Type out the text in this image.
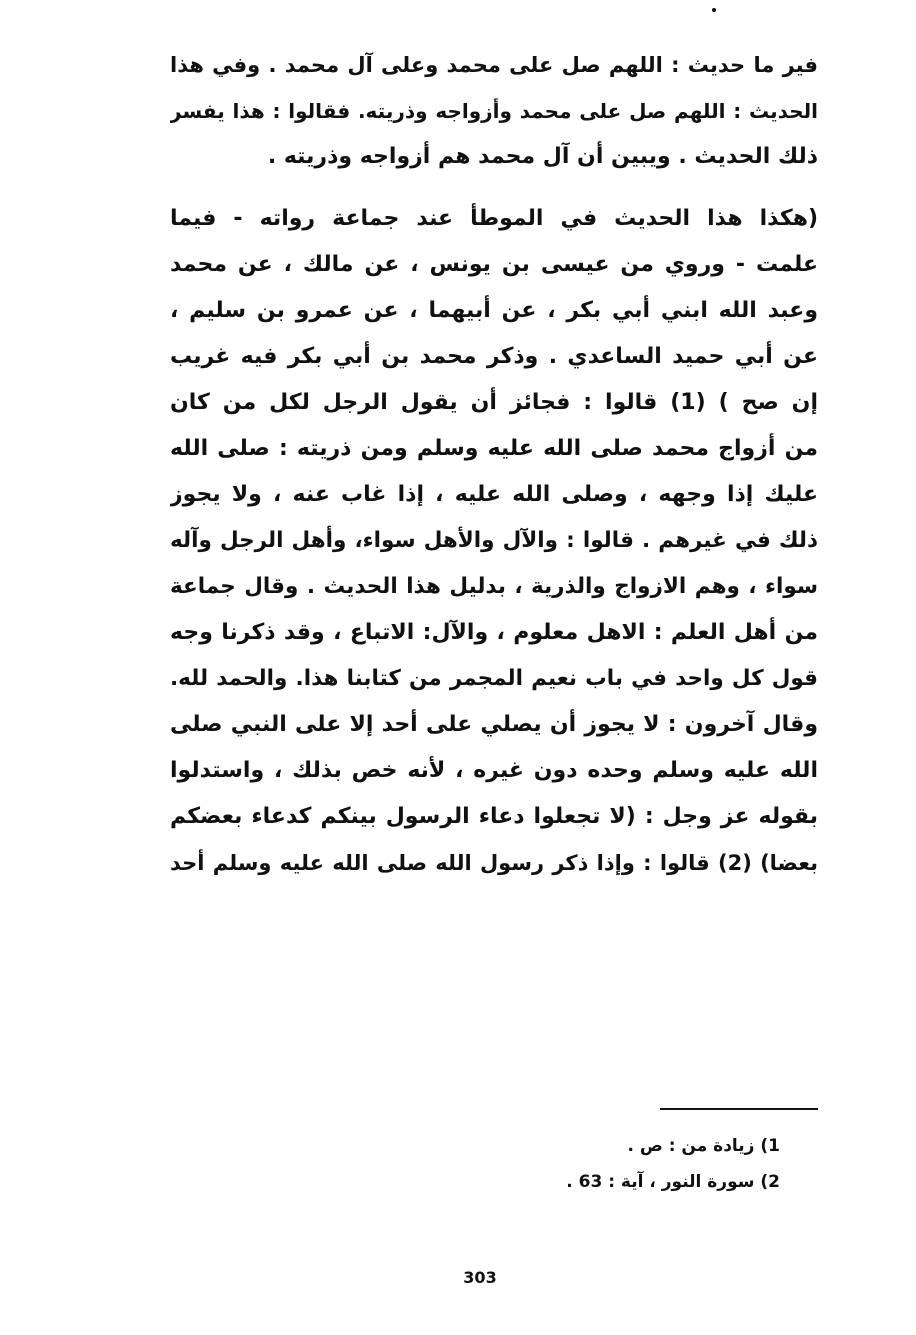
فير ما حديث : اللهم صل على محمد وعلى آل محمد . وفي هذا
الحديث : اللهم صل على محمد وأزواجه وذريته. فقالوا : هذا يفسر
ذلك الحديث . ويبين أن آل محمد هم أزواجه وذريته .
(هكذا هذا الحديث في الموطأ عند جماعة رواته - فيما
علمت - وروي من عيسى بن يونس ، عن مالك ، عن محمد
وعبد الله ابني أبي بكر ، عن أبيهما ، عن عمرو بن سليم ،
عن أبي حميد الساعدي . وذكر محمد بن أبي بكر فيه غريب
إن صح ) (1) قالوا : فجائز أن يقول الرجل لكل من كان
من أزواج محمد صلى الله عليه وسلم ومن ذريته : صلى الله
عليك إذا وجهه ، وصلى الله عليه ، إذا غاب عنه ، ولا يجوز
ذلك في غيرهم . قالوا : والآل والأهل سواء، وأهل الرجل وآله
سواء ، وهم الازواج والذرية ، بدليل هذا الحديث . وقال جماعة
من أهل العلم : الاهل معلوم ، والآل: الاتباع ، وقد ذكرنا وجه
قول كل واحد في باب نعيم المجمر من كتابنا هذا. والحمد لله.
وقال آخرون : لا يجوز أن يصلي على أحد إلا على النبي صلى
الله عليه وسلم وحده دون غيره ، لأنه خص بذلك ، واستدلوا
بقوله عز وجل : (لا تجعلوا دعاء الرسول بينكم كدعاء بعضكم
بعضا) (2) قالوا : وإذا ذكر رسول الله صلى الله عليه وسلم أحد
1) زيادة من : ص .
2) سورة النور ، آية : 63 .
303
